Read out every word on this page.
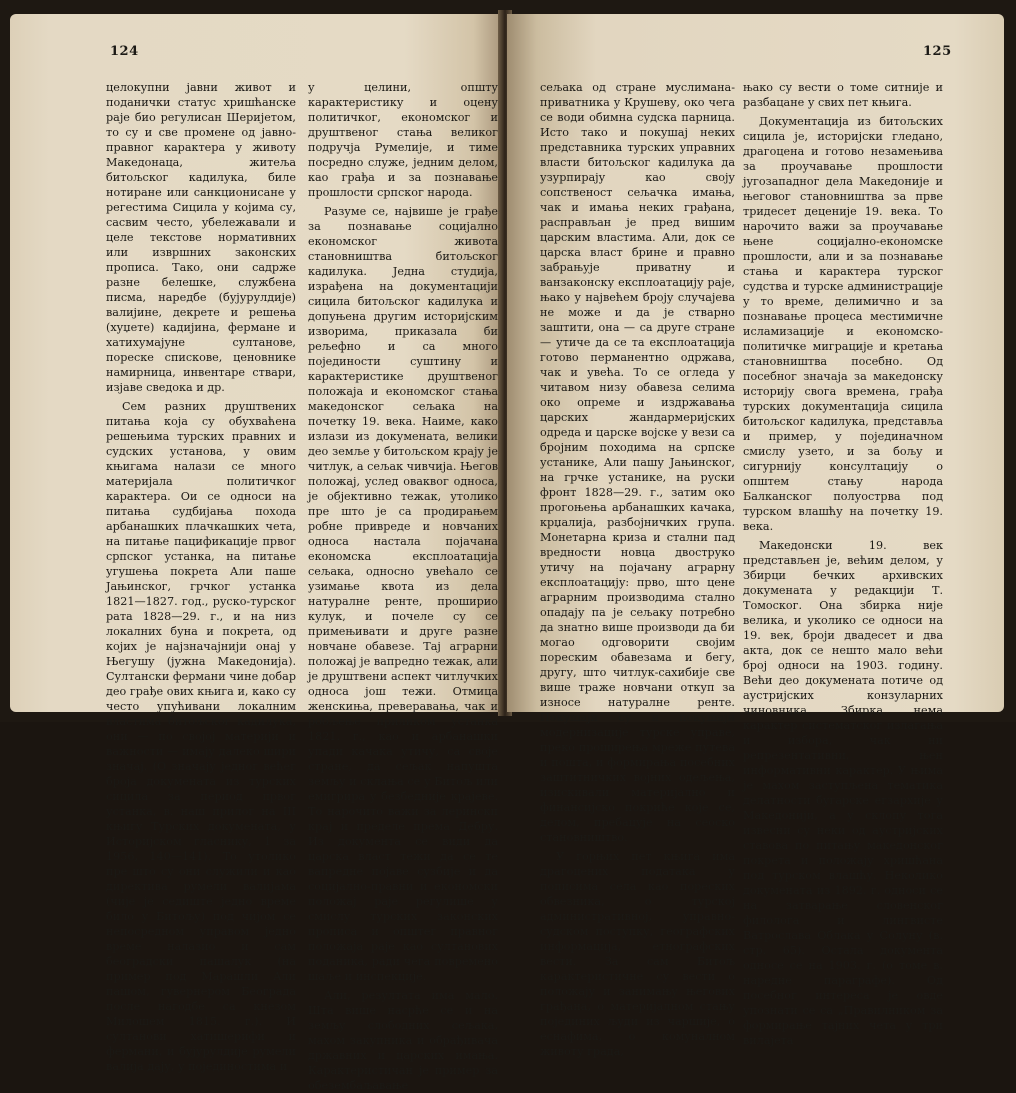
124

целокупни јавни живот и поданички статус хришћанске раје био регулисан Шеријетом, то су и све промене од јавно-правног карактера у животу Македонаца, житеља битољског кадилука, биле нотиране или санкционисане у регестима Сицила у којима су, сасвим често, убележавали и целе текстове нормативних или извршних законских прописа. Тако, они садрже разне белешке, службена писма, наредбе (бујурулдије) валијине, декрете и решења (хуџете) кадијина, фермане и хатихумајуне султанове, пореске спискове, ценовнике намирница, инвентаре ствари, изјаве сведока и др.

Сем разних друштвених питања која су обухваћена решењима турских правних и судских установа, у овим књигама налази се много материјала политичког карактера. Ои се односи на питања судбијања похода арбанашких плачкашких чета, на питање пацификације првог српског устанка, на питање угушења покрета Али паше Јањинског, грчког устанка 1821—1827. год., руско-турског рата 1828—29. г., и на низ локалних буна и покрета, од којих је најзначајнији онај у Његушу (јужна Македонија). Султански фермани чине добар део грађе ових књига и, како су често упућивани локалним властима битољског кадилука, они — по својој материји и важности — имају далеко шири значај. (О значају једног већег броја докумената из турских сицила за период првог устанка, в. наш прилог на III књигу Турских докумената, у Историјском гласнику, 1 за 1956, 140—141). То утолико пре што су они служили и као директива румели валијама (чије је седиште једно време било у Битољу) под чијом се непосредном управом једно време налазио и сам београдски пашалук (на пример под Марашли Али пашом, гувернером Београда после нагодбе са кнезом Милошем 1815. г.). И султанови хатишерифи и фермани, и бујурулдије румели валија дају, у појединостима и

у целини, општу карактеристику и оцену политичког, економског и друштвеног стања великог подручја Румелије, и тиме посредно служе, једним делом, као грађа и за познавање прошлости српског народа.

Разуме се, највише је грађе за познавање социјално економског живота становништва битољског кадилука. Једна студија, израђена на документацији сицила битољског кадилука и допуњена другим историјским изворима, приказала би рељефно и са много појединости суштину и карактеристике друштвеног положаја и економског стања македонског сељака на почетку 19. века. Наиме, како излази из докумената, велики део земље у битољском крају је читлук, а сељак чивчија. Његов положај, услед оваквог односа, је објективно тежак, утолико пре што је са продирањем робне привреде и новчаних односа настала појачана економска експлоатација сељака, односно увећало се узимање квота из дела натуралне ренте, проширио кулук, и почеле су се примењивати и друге разне новчане обавезе. Тај аграрни положај је вапредно тежак, али је друштвени аспект читлучких односа још тежи. Отмица женскиња, преверавања, чак и робљење приликом устанка 1821. г., као и арбанашки упади качака утичу, са своје стране, да сељак напушта земљу и склања се у Битољ или емигрира у безбедније крајеве. То нарочито важи за леринскп крај и пределе према Дебру. Из документа се види да царска власт тежи да се те вапредне појаве сузбије и да социјално-правни и економски положај раје регулише у смислу турских законских прописа и општег правног положаја раје као султанових поданика, ради чега повремено шаље и инспекције.

Али, резултата има мало. Шта више насрће се и на земљу слободних сељака, махом закупника и обрађивача државних и царских имања. Карактеристичан је пример за обезембаљавање

125

сељака од стране муслимана-приватника у Крушеву, око чега се води обимна судска парница. Исто тако и покушај неких представника турских управних власти битољског кадилука да узурпирају као своју сопственост сељачка имања, чак и имања неких грађана, расправљан је пред вишим царским властима. Али, док се царска власт брине и правно забрањује приватну и ванзаконску експлоатацију раје, њако у највећем броју случајева не може и да је стварно заштити, она — са друге стране — утиче да се та експлоатација готово перманентно одржава, чак и увећа. То се огледа у читавом низу обавеза селима око опреме и издржавања царских жандармеријских одреда и царске војске у вези са бројним походима на српске устанике, Али пашу Јањинског, на грчке устанике, на руски фронт 1828—29. г., затим око прогоњења арбанашких качака, крџалија, разбојничких група. Монетарна криза и стални пад вредности новца двоструко утичу на појачану аграрну експлоатацију: прво, што цене аграрним производима стално опадају па је сељаку потребно да знатно више производи да би могао одговорити својим пореским обавезама и бегу, другу, што читлук-сахибије све више траже новчани откуп за износе натуралне ренте. Покушаји су и покушаји модернизације турске управе, преко проширења мреже путева и пошта, и формирања посебних заштитничких војних одељења, изискивали материјално и финансијско покриће које се, делом, пребацује на сеоско становништво.

У горњих пет књига има драгоцених података у пописима села као пореских обвезника, о турској административној, управно-судском поступку, географских информација, етнографских вести. За сам Битољ карактеристичне су вести о положају и занимању његових грађана, о материјалном стању појединих људи из чаршије, о еснафима, о комуналном животу града,

њако су вести о томе ситније и разбацане у свих пет књига.

Документација из битољских сицила је, историјски гледано, драгоцена и готово незамењива за проучавање прошлости југозападног дела Македоније и његовог становништва за прве тридесет деценије 19. века. То нарочито важи за проучавање њене социјално-економске прошлости, али и за познавање стања и карактера турског судства и турске администрације у то време, делимично и за познавање процеса местимичне исламизације и економско-политичке миграције и кретања становништва посебно. Од посебног значаја за македонску историју свога времена, грађа турских документација сицила битољског кадилука, представља и пример, у појединачном смислу узето, и за бољу и сигурнију консултацију о општем стању народа Балканског полуострва под турском влашћу на почетку 19. века.

Македонски 19. век представљен је, већим делом, у Збирци бечких архивских докумената у редакцији Т. Томоског. Она збирка није велика, и уколико се односи на 19. век, броји двадесет и два акта, док се нешто мало већи број односи на 1903. годину. Већи део докумената потиче од аустријских конзуларних чиновника. Збирка нема карактер систематског излагања и избора, чак ни репрезентативни, њен информативни карактер. У њима је махом заступљена тематика делатности бугарске егзархије у Македонији, а у склопу тога извесни су неки од аустријских ставова по питању македонског покрета и положају хришћана под турском влашћу. Неколико докумената из 1892. г. односи се на затварање словенског филолога и лингвисте Ватрослава Облака у Солуну (в. стр. 65). Остала документа односе се на 1903. г. (о томе в. наредне параграфе). Од посебног интереса је овде упознати се са „Правилником за формирање тајних чета у три вилајета
